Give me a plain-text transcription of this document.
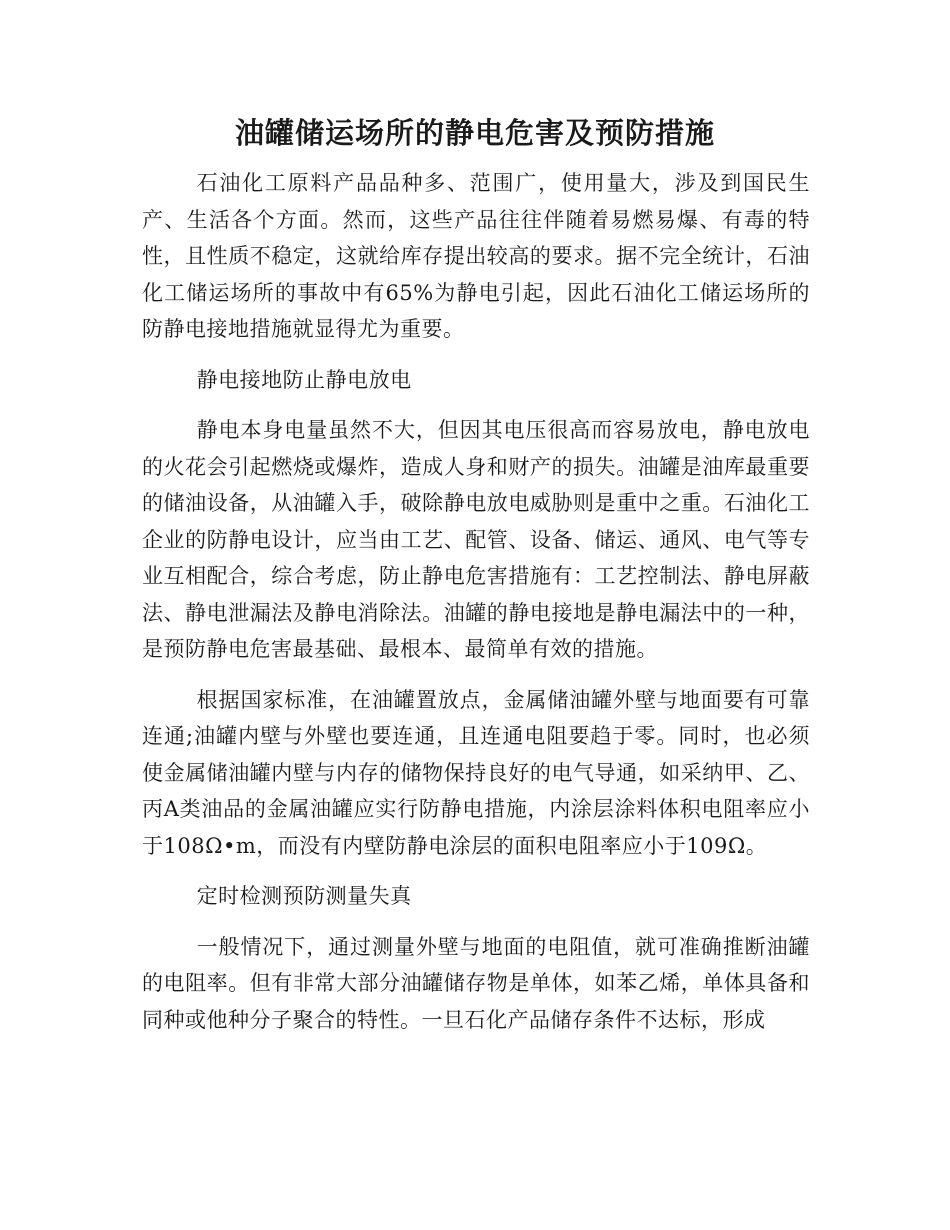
油罐储运场所的静电危害及预防措施

石油化工原料产品品种多、范围广，使用量大，涉及到国民生产、生活各个方面。然而，这些产品往往伴随着易燃易爆、有毒的特性，且性质不稳定，这就给库存提出较高的要求。据不完全统计，石油化工储运场所的事故中有65%为静电引起，因此石油化工储运场所的防静电接地措施就显得尤为重要。

静电接地防止静电放电

静电本身电量虽然不大，但因其电压很高而容易放电，静电放电的火花会引起燃烧或爆炸，造成人身和财产的损失。油罐是油库最重要的储油设备，从油罐入手，破除静电放电威胁则是重中之重。石油化工企业的防静电设计，应当由工艺、配管、设备、储运、通风、电气等专业互相配合，综合考虑，防止静电危害措施有：工艺控制法、静电屏蔽法、静电泄漏法及静电消除法。油罐的静电接地是静电漏法中的一种，是预防静电危害最基础、最根本、最简单有效的措施。

根据国家标准，在油罐置放点，金属储油罐外壁与地面要有可靠连通;油罐内壁与外壁也要连通，且连通电阻要趋于零。同时，也必须使金属储油罐内壁与内存的储物保持良好的电气导通，如采纳甲、乙、丙A类油品的金属油罐应实行防静电措施，内涂层涂料体积电阻率应小于108Ω•m，而没有内壁防静电涂层的面积电阻率应小于109Ω。

定时检测预防测量失真

一般情况下，通过测量外壁与地面的电阻值，就可准确推断油罐的电阻率。但有非常大部分油罐储存物是单体，如苯乙烯，单体具备和同种或他种分子聚合的特性。一旦石化产品储存条件不达标，形成
